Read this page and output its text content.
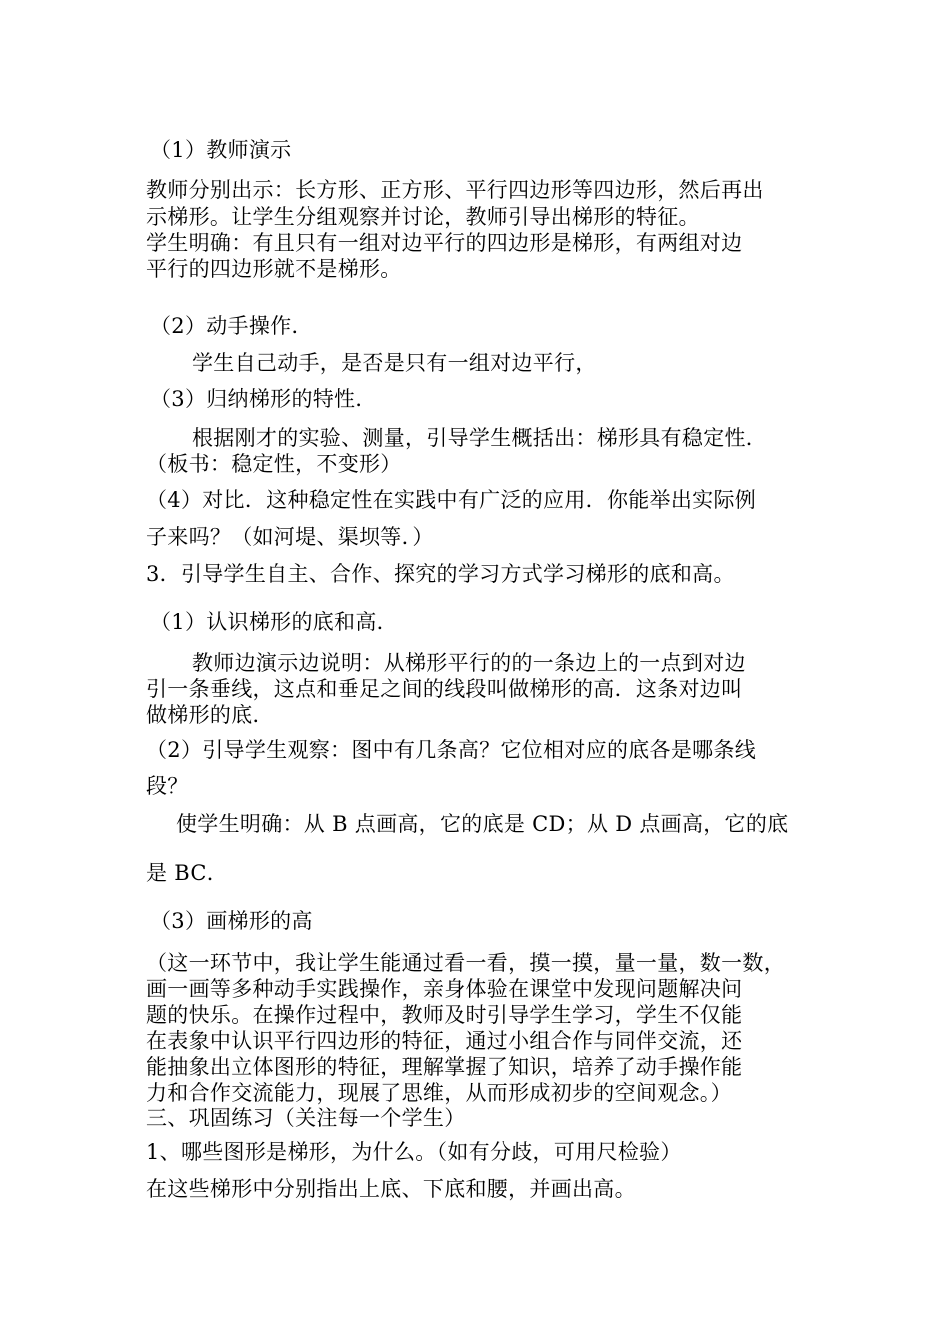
（1）教师演示
教师分别出示：长方形、正方形、平行四边形等四边形，然后再出
示梯形。让学生分组观察并讨论，教师引导出梯形的特征。
学生明确：有且只有一组对边平行的四边形是梯形，有两组对边
平行的四边形就不是梯形。
（2）动手操作．
学生自己动手，是否是只有一组对边平行，
（3）归纳梯形的特性．
根据刚才的实验、测量，引导学生概括出：梯形具有稳定性．
（板书：稳定性，不变形）
（4）对比．这种稳定性在实践中有广泛的应用．你能举出实际例
子来吗？（如河堤、渠坝等．）
3．引导学生自主、合作、探究的学习方式学习梯形的底和高。
（1）认识梯形的底和高．
教师边演示边说明：从梯形平行的的一条边上的一点到对边
引一条垂线，这点和垂足之间的线段叫做梯形的高．这条对边叫
做梯形的底．
（2）引导学生观察：图中有几条高？它位相对应的底各是哪条线
段？
使学生明确：从 B 点画高，它的底是 CD；从 D 点画高，它的底
是 BC．
（3）画梯形的高
（这一环节中，我让学生能通过看一看，摸一摸，量一量，数一数，
画一画等多种动手实践操作，亲身体验在课堂中发现问题解决问
题的快乐。在操作过程中，教师及时引导学生学习，学生不仅能
在表象中认识平行四边形的特征，通过小组合作与同伴交流，还
能抽象出立体图形的特征，理解掌握了知识，培养了动手操作能
力和合作交流能力，现展了思维，从而形成初步的空间观念。）
三、巩固练习（关注每一个学生）
1、哪些图形是梯形，为什么。（如有分歧，可用尺检验）
在这些梯形中分别指出上底、下底和腰，并画出高。
